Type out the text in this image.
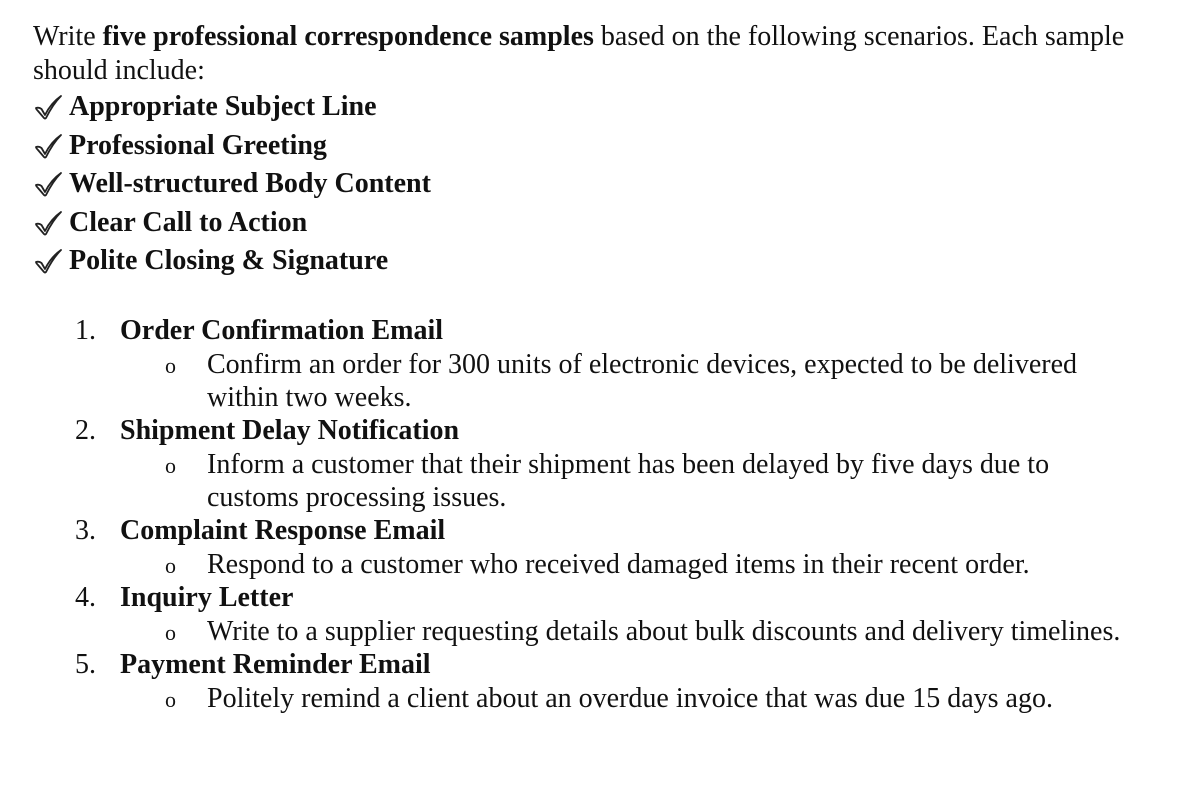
Write five professional correspondence samples based on the following scenarios. Each sample should include:

Appropriate Subject Line
Professional Greeting
Well-structured Body Content
Clear Call to Action
Polite Closing & Signature
1. Order Confirmation Email
o Confirm an order for 300 units of electronic devices, expected to be delivered within two weeks.
2. Shipment Delay Notification
o Inform a customer that their shipment has been delayed by five days due to customs processing issues.
3. Complaint Response Email
o Respond to a customer who received damaged items in their recent order.
4. Inquiry Letter
o Write to a supplier requesting details about bulk discounts and delivery timelines.
5. Payment Reminder Email
o Politely remind a client about an overdue invoice that was due 15 days ago.
